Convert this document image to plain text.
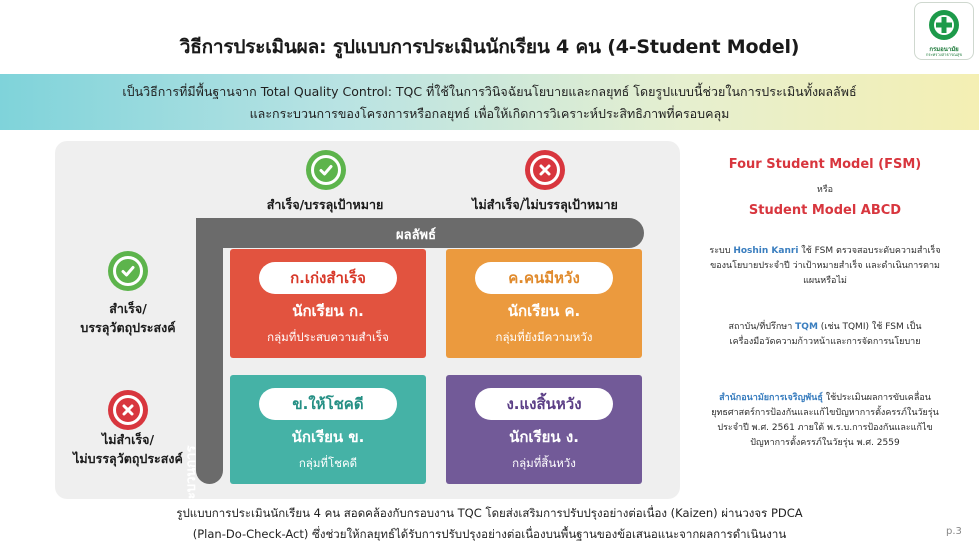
วิธีการประเมินผล: รูปแบบการประเมินนักเรียน 4 คน (4-Student Model)	กรมอนามัย
กระทรวงสาธารณสุข
เป็นวิธีการที่มีพื้นฐานจาก Total Quality Control: TQC ที่ใช้ในการวินิจฉัยนโยบายและกลยุทธ์ โดยรูปแบบนี้ช่วยในการประเมินทั้งผลลัพธ์
และกระบวนการของโครงการหรือกลยุทธ์ เพื่อให้เกิดการวิเคราะห์ประสิทธิภาพที่ครอบคลุม
สำเร็จ/บรรลุเป้าหมาย	ไม่สำเร็จ/ไม่บรรลุเป้าหมาย
สำเร็จ/
บรรลุวัตถุประสงค์
ไม่สำเร็จ/
ไม่บรรลุวัตถุประสงค์
ผลลัพธ์
กระบวนการ
ก.เก่งสำเร็จ
นักเรียน ก.
กลุ่มที่ประสบความสำเร็จ
ค.คนมีหวัง
นักเรียน ค.
กลุ่มที่ยังมีความหวัง
ข.ให้โชคดี
นักเรียน ข.
กลุ่มที่โชคดี
ง.แงสิ้นหวัง
นักเรียน ง.
กลุ่มที่สิ้นหวัง
Four Student Model (FSM)
หรือ
Student Model ABCD
ระบบ Hoshin Kanri ใช้ FSM ตรวจสอบระดับความสำเร็จ
ของนโยบายประจำปี ว่าเป้าหมายสำเร็จ และดำเนินการตาม
แผนหรือไม่
สถาบัน/ที่ปรึกษา TQM (เช่น TQMI) ใช้ FSM เป็น
เครื่องมือวัดความก้าวหน้าและการจัดการนโยบาย
สำนักอนามัยการเจริญพันธุ์ ใช้ประเมินผลการขับเคลื่อน
ยุทธศาสตร์การป้องกันและแก้ไขปัญหาการตั้งครรภ์ในวัยรุ่น
ประจำปี พ.ศ. 2561 ภายใต้ พ.ร.บ.การป้องกันและแก้ไข
ปัญหาการตั้งครรภ์ในวัยรุ่น พ.ศ. 2559
รูปแบบการประเมินนักเรียน 4 คน สอดคล้องกับกรอบงาน TQC โดยส่งเสริมการปรับปรุงอย่างต่อเนื่อง (Kaizen) ผ่านวงจร PDCA
(Plan-Do-Check-Act) ซึ่งช่วยให้กลยุทธ์ได้รับการปรับปรุงอย่างต่อเนื่องบนพื้นฐานของข้อเสนอแนะจากผลการดำเนินงาน	p.3
